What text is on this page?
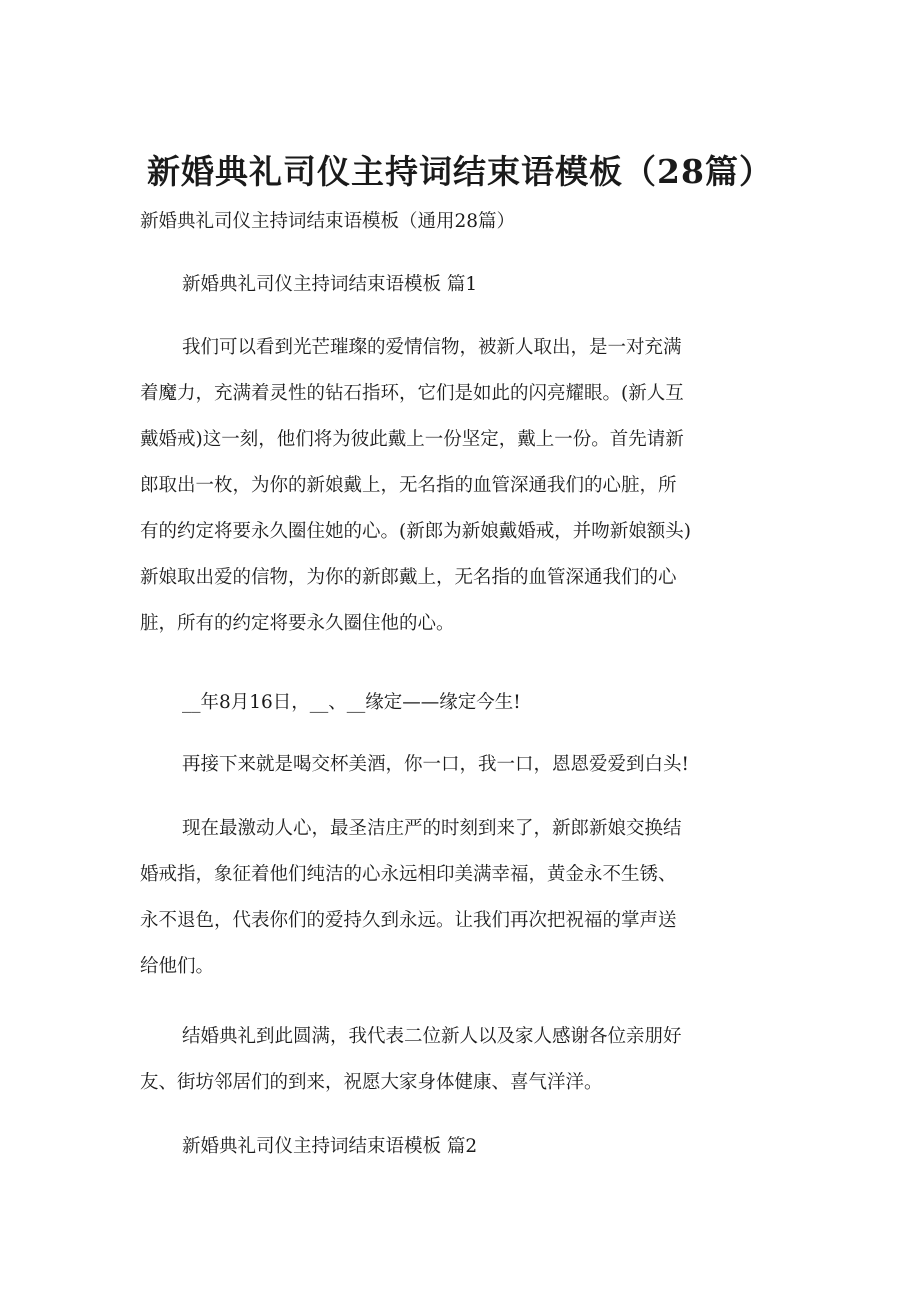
新婚典礼司仪主持词结束语模板（28篇）

新婚典礼司仪主持词结束语模板（通用28篇）

新婚典礼司仪主持词结束语模板 篇1

我们可以看到光芒璀璨的爱情信物，被新人取出，是一对充满
着魔力，充满着灵性的钻石指环，它们是如此的闪亮耀眼。(新人互
戴婚戒)这一刻，他们将为彼此戴上一份坚定，戴上一份。首先请新
郎取出一枚，为你的新娘戴上，无名指的血管深通我们的心脏，所
有的约定将要永久圈住她的心。(新郎为新娘戴婚戒，并吻新娘额头)
新娘取出爱的信物，为你的新郎戴上，无名指的血管深通我们的心
脏，所有的约定将要永久圈住他的心。

__年8月16日，__、__缘定——缘定今生!

再接下来就是喝交杯美酒，你一口，我一口，恩恩爱爱到白头!

现在最激动人心，最圣洁庄严的时刻到来了，新郎新娘交换结
婚戒指，象征着他们纯洁的心永远相印美满幸福，黄金永不生锈、
永不退色，代表你们的爱持久到永远。让我们再次把祝福的掌声送
给他们。

结婚典礼到此圆满，我代表二位新人以及家人感谢各位亲朋好
友、街坊邻居们的到来，祝愿大家身体健康、喜气洋洋。

新婚典礼司仪主持词结束语模板 篇2
